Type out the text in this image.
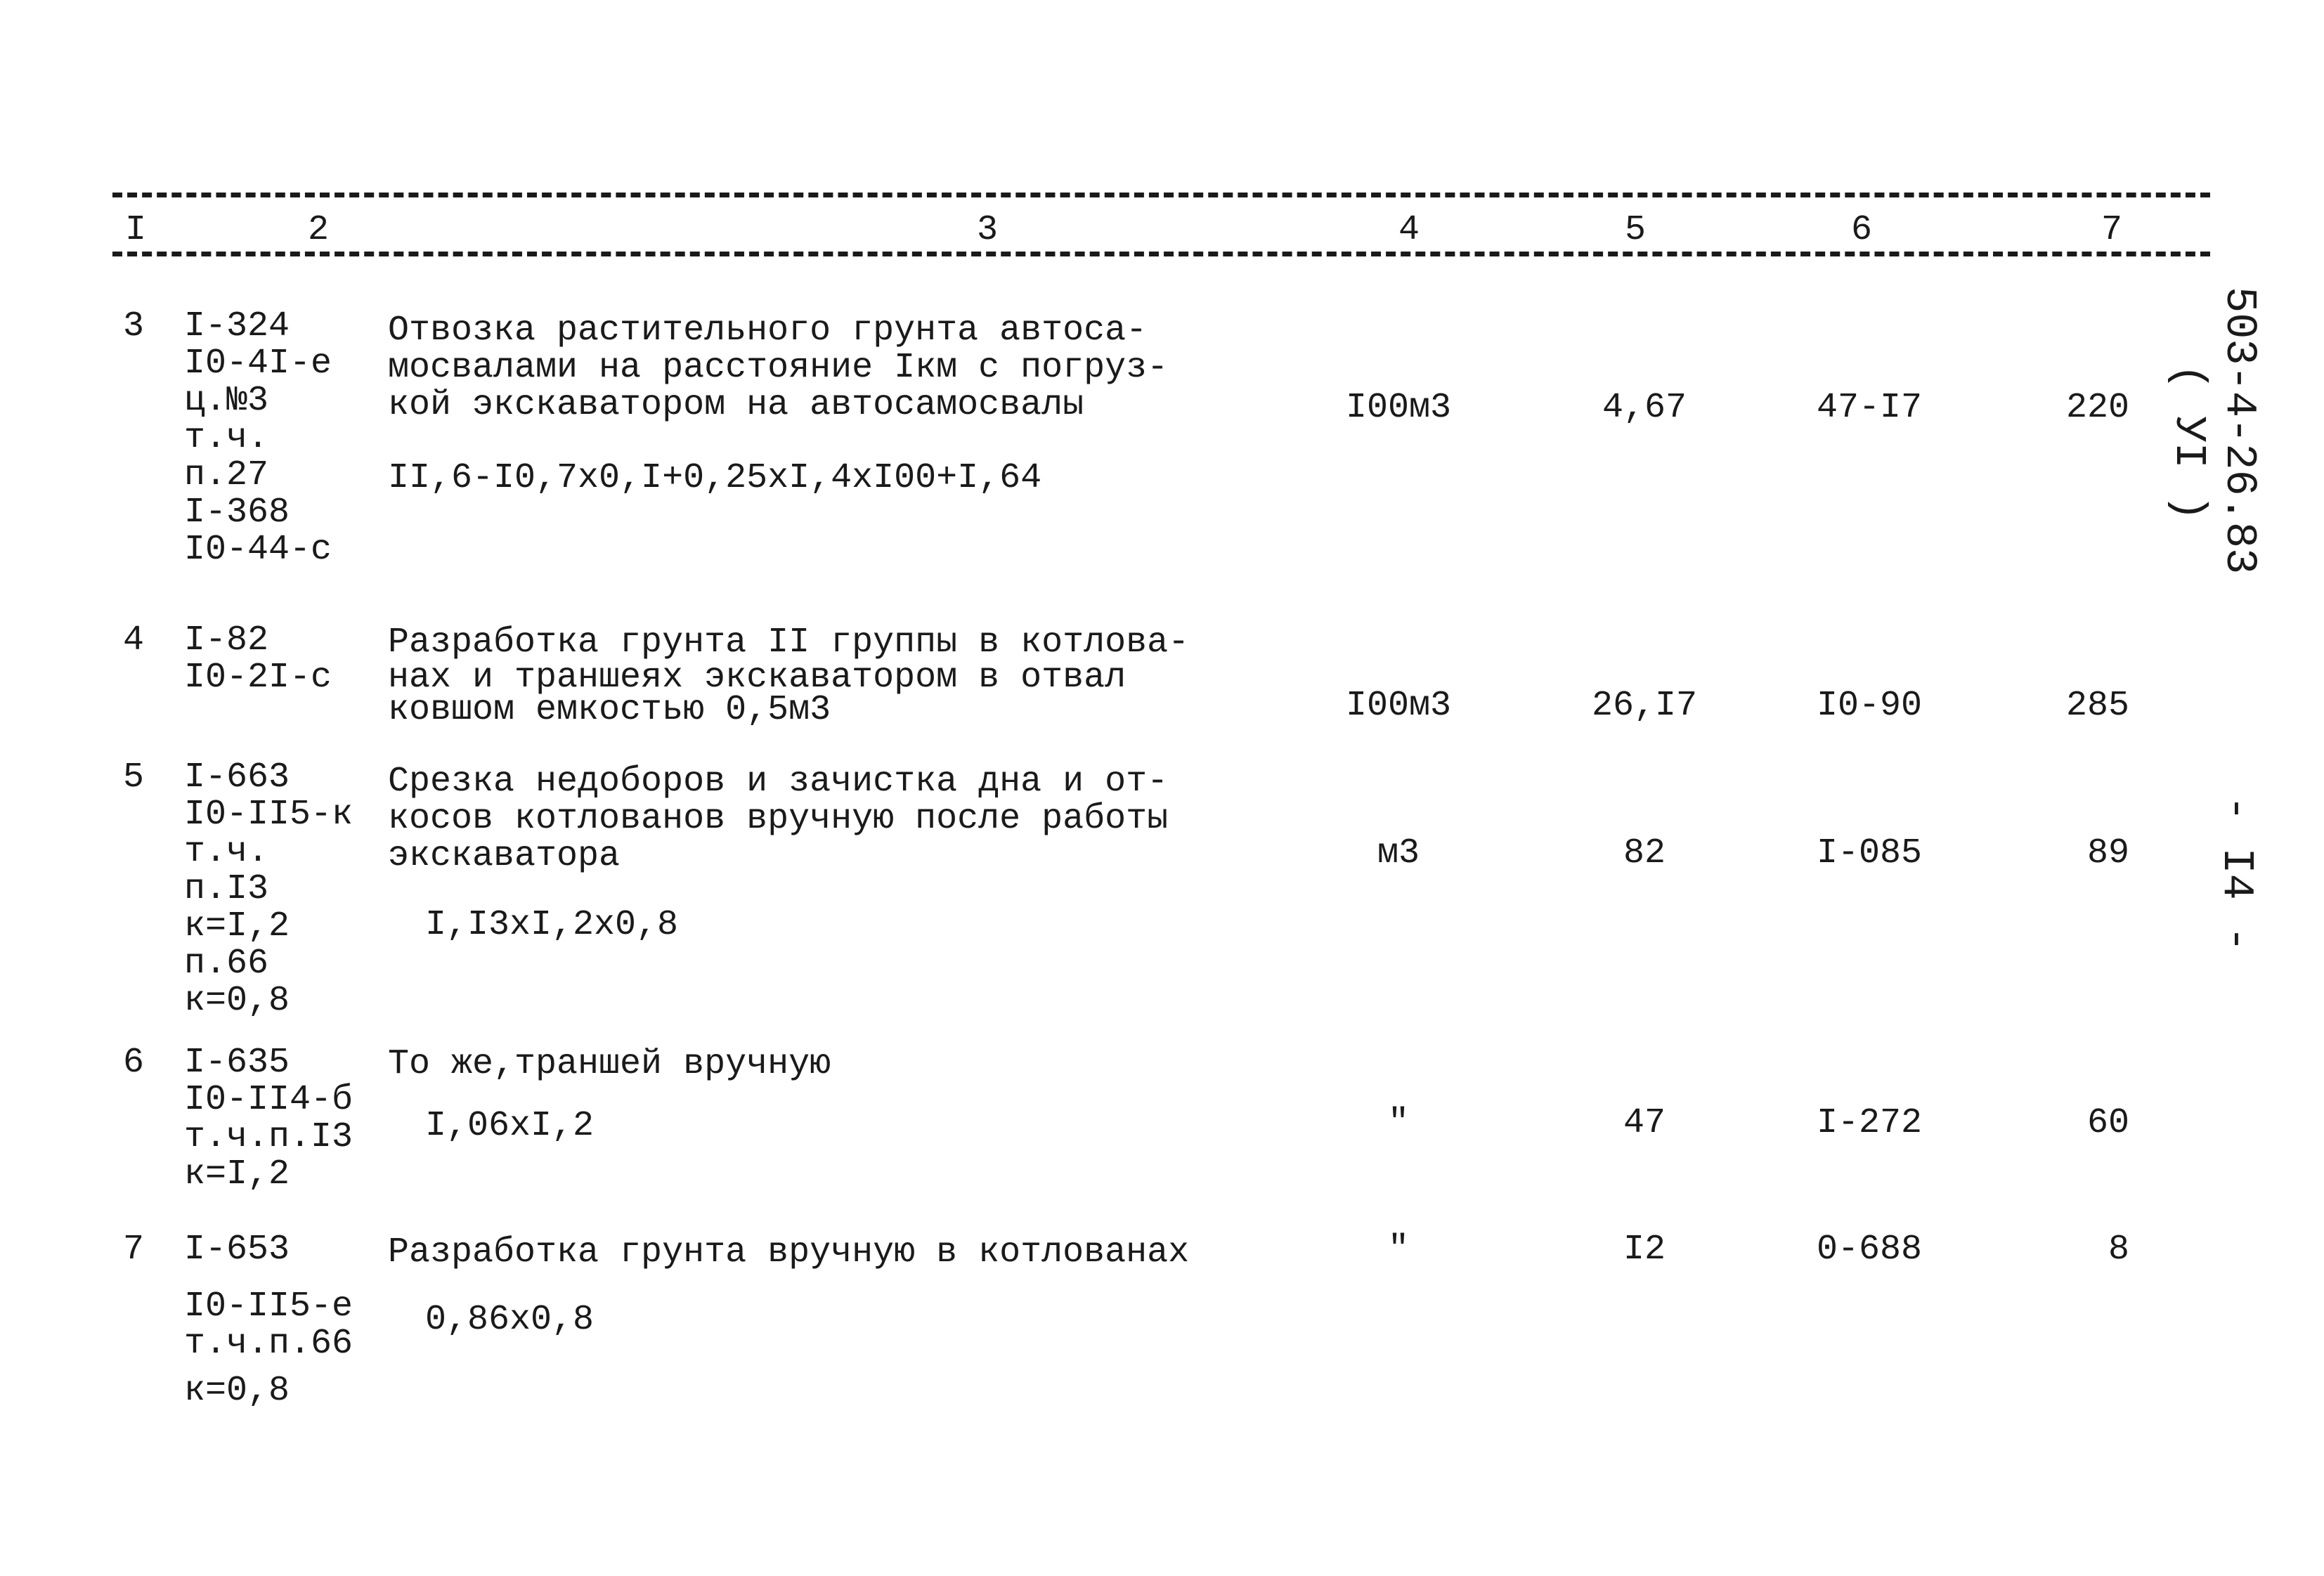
I	2	3	4	5	6	7
3 I-324
I0-4I-e
ц.№3
т.ч.
п.27
I-368
I0-44-c
Отвозка растительного грунта автоса-
мосвалами на расстояние Iкм с погруз-
кой экскаватором на автосамосвалы
II,6-I0,7x0,I+0,25xI,4xI00+I,64
I00м3	4,67	47-I7	220
4 I-82
I0-2I-c
Разработка грунта II группы в котлова-
нах и траншеях экскаватором в отвал
ковшом емкостью 0,5м3	I00м3	26,I7	I0-90	285
5 I-663
I0-II5-к
т.ч.
п.I3
к=I,2
п.66
к=0,8
Срезка недоборов и зачистка дна и от-
косов котлованов вручную после работы
экскаватора
I,I3xI,2x0,8
м3	82	I-085	89
6 I-635
I0-II4-б
т.ч.п.I3
к=I,2
То же,траншей вручную
I,06xI,2	"	47	I-272	60
7 I-653
I0-II5-e
т.ч.п.66
к=0,8
Разработка грунта вручную в котлованах
0,86x0,8
"	I2	0-688	8
503-4-26.83
( УI )
- I4 -
